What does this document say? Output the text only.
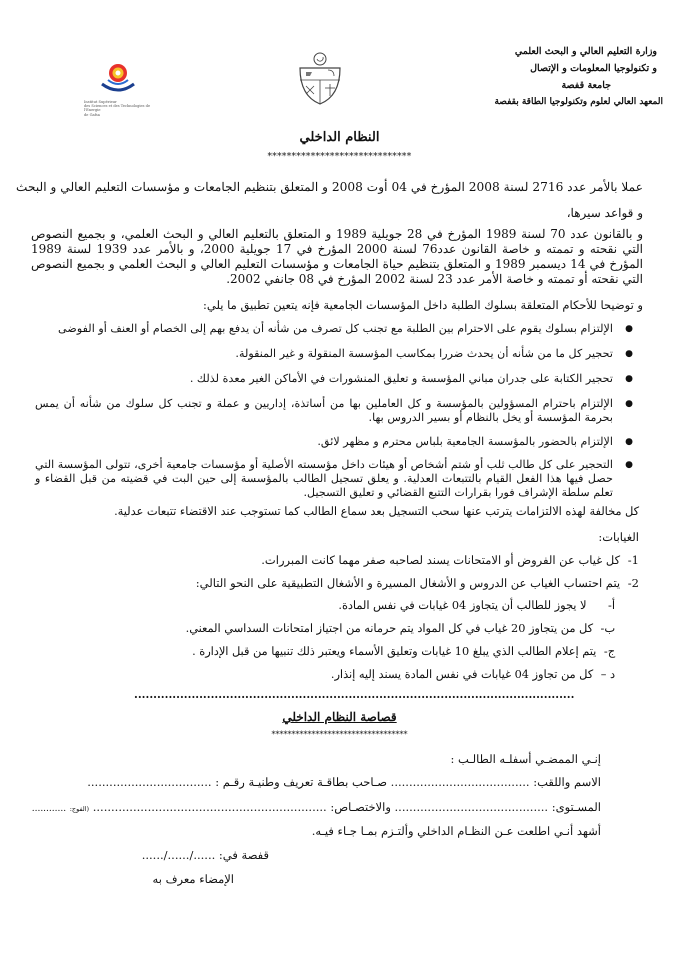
وزارة التعليم العالي و البحث العلمي
و تكنولوجيا المعلومات و الإتصال
جامعة قفصة
المعهد العالي لعلوم وتكنولوجيا الطاقة بقفصة
Institut Supérieur
des Sciences et des Technologies de l'Energie
de Gafsa
النظام الداخلي
******************************
عملا بالأمر عدد 2716 لسنة 2008 المؤرخ في 04 أوت 2008 و المتعلق بتنظيم الجامعات و مؤسسات التعليم العالي و البحث
و قواعد سيرها،
و بالقانون عدد 70 لسنة 1989 المؤرخ في 28 جويلية 1989 و المتعلق بالتعليم العالي و البحث العلمي، و بجميع النصوص التي نقحته و تممته و خاصة القانون عدد76 لسنة 2000 المؤرخ في 17 جويلية 2000، و بالأمر عدد 1939 لسنة 1989 المؤرخ في 14 ديسمبر 1989 و المتعلق بتنظيم حياة الجامعات و مؤسسات التعليم العالي و البحث العلمي و بجميع النصوص التي نقحته أو تممته و خاصة الأمر عدد 23 لسنة 2002 المؤرخ في 08 جانفي 2002.
و توضيحا للأحكام المتعلقة بسلوك الطلبة داخل المؤسسات الجامعية فإنه يتعين تطبيق ما يلي:
● الإلتزام بسلوك يقوم على الاحترام بين الطلبة مع تجنب كل تصرف من شأنه أن يدفع بهم إلى الخصام أو العنف أو الفوضى
● تحجير كل ما من شأنه أن يحدث ضررا بمكاسب المؤسسة المنقولة و غير المنقولة.
● تحجير الكتابة على جدران مباني المؤسسة و تعليق المنشورات في الأماكن الغير معدة لذلك .
● الإلتزام باحترام المسؤولين بالمؤسسة و كل العاملين بها من أساتذة، إداريين و عملة و تجنب كل سلوك من شأنه أن يمس بحرمة المؤسسة أو يخل بالنظام أو بسير الدروس بها.
● الإلتزام بالحضور بالمؤسسة الجامعية بلباس محترم و مظهر لائق.
● التحجير على كل طالب ثلب أو شتم أشخاص أو هيئات داخل مؤسسته الأصلية أو مؤسسات جامعية أخرى، تتولى المؤسسة التي حصل فيها هذا الفعل القيام بالتتبعات العدلية. و يعلق تسجيل الطالب بالمؤسسة إلى حين البت في قضيته من قبل القضاء و تعلم سلطة الإشراف فورا بقرارات التتبع القضائي و تعليق التسجيل.
كل مخالفة لهذه الالتزامات يترتب عنها سحب التسجيل بعد سماع الطالب كما تستوجب عند الاقتضاء تتبعات عدلية.
الغيابات:
1- كل غياب عن الفروض أو الامتحانات يسند لصاحبه صفر مهما كانت المبررات.
2- يتم احتساب الغياب عن الدروس و الأشغال المسيرة و الأشغال التطبيقية على النحو التالي:
أ- لا يجوز للطالب أن يتجاوز 04 غيابات في نفس المادة.
ب- كل من يتجاوز 20 غياب في كل المواد يتم حرمانه من اجتياز امتحانات السداسي المعني.
ج- يتم إعلام الطالب الذي يبلغ 10 غيابات وتعليق الأسماء ويعتبر ذلك تنبيها من قبل الإدارة .
د – كل من تجاوز 04 غيابات في نفس المادة يسند إليه إنذار.
...................................................................................................................
قصاصة النظام الداخلي
**********************************
إنـي الممضـي أسفلـه الطالـب :
الاسم واللقب: ...................................... صـاحب بطاقـة تعريف وطنيـة رقـم : ..................................
المسـتوى: .......................................... والاختصـاص: ................................................................ (الفوج: ............
أشهد أنـي اطلعت عـن النظـام الداخلي وألتـزم بمـا جـاء فيـه.
قفصة في: ....../....../......
الإمضاء معرف به
